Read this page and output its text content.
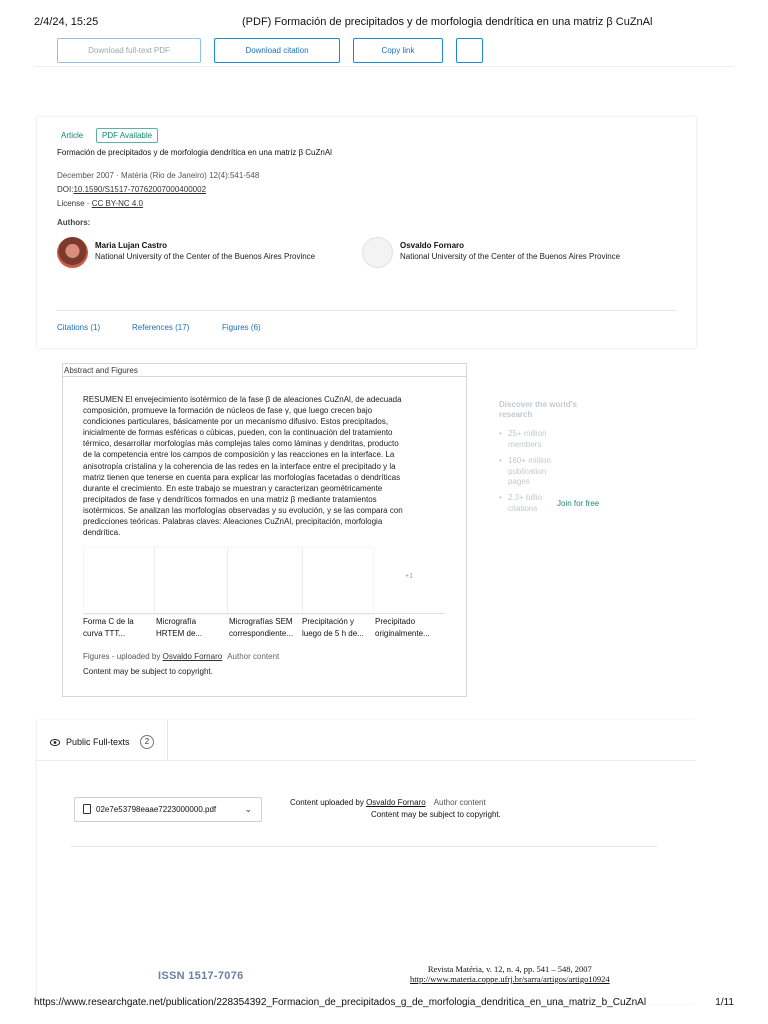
2/4/24, 15:25	(PDF) Formación de precipitados y de morfologia dendrítica en una matriz β CuZnAl
Download full-text PDF	Download citation	Copy link
Article	PDF Available
Formación de precipitados y de morfologia dendrítica en una matriz β CuZnAl
December 2007 · Matéria (Rio de Janeiro) 12(4):541-548
DOI:10.1590/S1517-70762007000400002
License · CC BY-NC 4.0
Authors:
Maria Lujan Castro
National University of the Center of the Buenos Aires Province
Osvaldo Fornaro
National University of the Center of the Buenos Aires Province
Citations (1)	References (17)	Figures (6)
Abstract and Figures
RESUMEN El envejecimiento isotérmico de la fase β de aleaciones CuZnAl, de adecuada
composición, promueve la formación de núcleos de fase γ, que luego crecen bajo
condiciones particulares, básicamente por un mecanismo difusivo. Estos precipitados,
inicialmente de formas esféricas o cúbicas, pueden, con la continuación del tratamiento
térmico, desarrollar morfologías más complejas tales como láminas y dendritas, producto
de la competencia entre los campos de composición y las reacciones en la interface. La
anisotropía cristalina y la coherencia de las redes en la interface entre el precipitado y la
matriz tienen que tenerse en cuenta para explicar las morfologías facetadas o dendríticas
durante el crecimiento. En este trabajo se muestran y caracterizan geométricamente
precipitados de fase γ dendríticos formados en una matriz β mediante tratamientos
isotérmicos. Se analizan las morfologías observadas y su evolución, y se las compara con
predicciones teóricas. Palabras claves: Aleaciones CuZnAl, precipitación, morfologia
dendrítica.
+1
Forma C de la
curva TTT...
Micrografía
HRTEM de...
Micrografías SEM
correspondiente...
Precipitación y
luego de 5 h de...
Precipitado
originalmente...
Figures - uploaded by Osvaldo Fornaro Author content
Content may be subject to copyright.
Discover the world's research
• 25+ million
members
• 160+ million
publication
pages
• 2.3+ billio
citations	Join for free
Public Full-texts	2
02e7e53798eaae7223000000.pdf	⌄
Content uploaded by Osvaldo Fornaro Author content
Content may be subject to copyright.
ISSN 1517-7076
Revista Matéria, v. 12, n. 4, pp. 541 – 548, 2007
http://www.materia.coppe.ufrj.br/sarra/artigos/artigo10924
https://www.researchgate.net/publication/228354392_Formacion_de_precipitados_g_de_morfologia_dendritica_en_una_matriz_b_CuZnAl	1/11
